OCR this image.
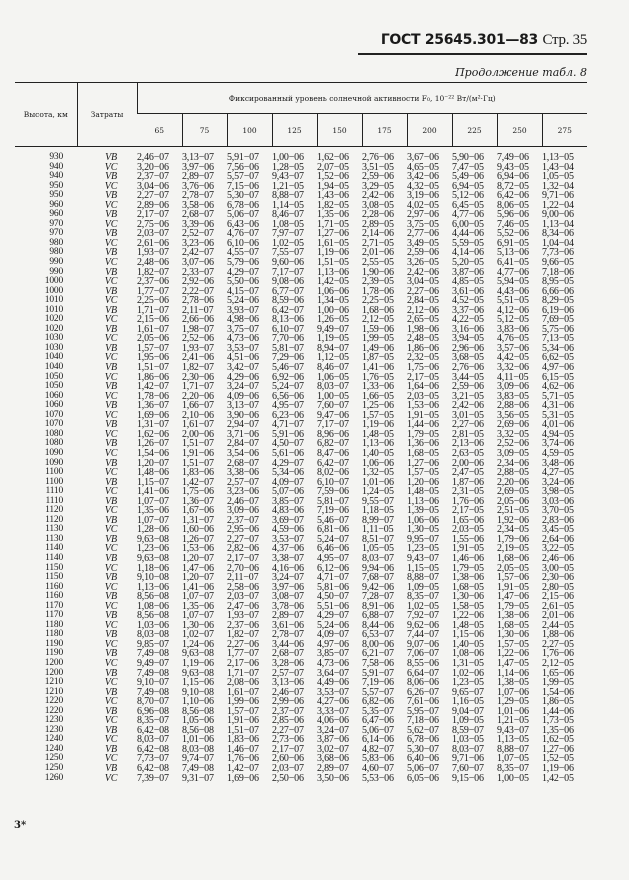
ГОСТ 25645.301—83 Стр. 35
Продолжение табл. 8
Высота, км	Затраты	Фиксированный уровень солнечной активности F₀, 10⁻²² Вт/(м²·Гц)									
		65	75	100	125	150	175	200	225	250	275
930	VB	2,46−07	3,13−07	5,91−07	1,00−06	1,62−06	2,76−06	3,67−06	5,90−06	7,49−06	1,13−05
940	VC	3,20−06	3,97−06	7,56−06	1,28−05	2,07−05	3,51−05	4,65−05	7,47−05	9,43−05	1,43−04
940	VB	2,37−07	2,89−07	5,57−07	9,43−07	1,52−06	2,59−06	3,42−06	5,49−06	6,94−06	1,05−05
950	VC	3,04−06	3,76−06	7,15−06	1,21−05	1,94−05	3,29−05	4,32−05	6,94−05	8,72−05	1,32−04
950	VB	2,27−07	2,78−07	5,30−07	8,88−07	1,43−06	2,42−06	3,19−06	5,12−06	6,42−06	9,71−06
960	VC	2,89−06	3,58−06	6,78−06	1,14−05	1,82−05	3,08−05	4,02−05	6,45−05	8,06−05	1,22−04
960	VB	2,17−07	2,68−07	5,06−07	8,46−07	1,35−06	2,28−06	2,97−06	4,77−06	5,96−06	9,00−06
970	VC	2,75−06	3,39−06	6,43−06	1,08−05	1,71−05	2,89−05	3,75−05	6,00−05	7,46−05	1,13−04
970	VB	2,03−07	2,52−07	4,76−07	7,97−07	1,27−06	2,14−06	2,77−06	4,44−06	5,52−06	8,34−06
980	VC	2,61−06	3,23−06	6,10−06	1,02−05	1,61−05	2,71−05	3,49−05	5,59−05	6,91−05	1,04−04
980	VB	1,93−07	2,42−07	4,55−07	7,55−07	1,19−06	2,01−06	2,59−06	4,14−06	5,13−06	7,73−06
990	VC	2,48−06	3,07−06	5,79−06	9,60−06	1,51−05	2,55−05	3,26−05	5,20−05	6,41−05	9,66−05
990	VB	1,82−07	2,33−07	4,29−07	7,17−07	1,13−06	1,90−06	2,42−06	3,87−06	4,77−06	7,18−06
1000	VC	2,37−06	2,92−06	5,50−06	9,08−06	1,42−05	2,39−05	3,04−05	4,85−05	5,94−05	8,95−05
1000	VB	1,77−07	2,22−07	4,15−07	6,77−07	1,06−06	1,78−06	2,27−06	3,61−06	4,43−06	6,66−06
1010	VC	2,25−06	2,78−06	5,24−06	8,59−06	1,34−05	2,25−05	2,84−05	4,52−05	5,51−05	8,29−05
1010	VB	1,71−07	2,11−07	3,93−07	6,42−07	1,00−06	1,68−06	2,12−06	3,37−06	4,12−06	6,19−06
1020	VC	2,15−06	2,66−06	4,98−06	8,13−06	1,26−05	2,12−05	2,65−05	4,22−05	5,12−05	7,69−05
1020	VB	1,61−07	1,98−07	3,75−07	6,10−07	9,49−07	1,59−06	1,98−06	3,16−06	3,83−06	5,75−06
1030	VC	2,05−06	2,52−06	4,73−06	7,70−06	1,19−05	1,99−05	2,48−05	3,94−05	4,76−05	7,13−05
1030	VB	1,57−07	1,93−07	3,53−07	5,81−07	8,94−07	1,49−06	1,86−06	2,96−06	3,57−06	5,34−06
1040	VC	1,95−06	2,41−06	4,51−06	7,29−06	1,12−05	1,87−05	2,32−05	3,68−05	4,42−05	6,62−05
1040	VB	1,51−07	1,82−07	3,42−07	5,46−07	8,46−07	1,41−06	1,75−06	2,76−06	3,32−06	4,97−06
1050	VC	1,86−06	2,30−06	4,29−06	6,92−06	1,06−05	1,76−05	2,17−05	3,44−05	4,11−05	6,15−05
1050	VB	1,42−07	1,71−07	3,24−07	5,24−07	8,03−07	1,33−06	1,64−06	2,59−06	3,09−06	4,62−06
1060	VC	1,78−06	2,20−06	4,09−06	6,56−06	1,00−05	1,66−05	2,03−05	3,21−05	3,83−05	5,71−05
1060	VB	1,36−07	1,66−07	3,13−07	4,95−07	7,60−07	1,25−06	1,53−06	2,42−06	2,88−06	4,31−06
1070	VC	1,69−06	2,10−06	3,90−06	6,23−06	9,47−06	1,57−05	1,91−05	3,01−05	3,56−05	5,31−05
1070	VB	1,31−07	1,61−07	2,94−07	4,71−07	7,17−07	1,19−06	1,44−06	2,27−06	2,69−06	4,01−06
1080	VC	1,62−06	2,00−06	3,71−06	5,91−06	8,96−06	1,48−05	1,79−05	2,81−05	3,32−05	4,94−05
1080	VB	1,26−07	1,51−07	2,84−07	4,50−07	6,82−07	1,13−06	1,36−06	2,13−06	2,52−06	3,74−06
1090	VC	1,54−06	1,91−06	3,54−06	5,61−06	8,47−06	1,40−05	1,68−05	2,63−05	3,09−05	4,59−05
1090	VB	1,20−07	1,51−07	2,68−07	4,29−07	6,42−07	1,06−06	1,27−06	2,00−06	2,34−06	3,48−06
1100	VC	1,48−06	1,83−06	3,38−06	5,34−06	8,02−06	1,32−05	1,57−05	2,47−05	2,88−05	4,27−05
1100	VB	1,15−07	1,42−07	2,57−07	4,09−07	6,10−07	1,01−06	1,20−06	1,87−06	2,20−06	3,24−06
1110	VC	1,41−06	1,75−06	3,23−06	5,07−06	7,59−06	1,24−05	1,48−05	2,31−05	2,69−05	3,98−05
1110	VB	1,07−07	1,36−07	2,46−07	3,85−07	5,81−07	9,55−07	1,13−06	1,76−06	2,05−06	3,03−06
1120	VC	1,35−06	1,67−06	3,09−06	4,83−06	7,19−06	1,18−05	1,39−05	2,17−05	2,51−05	3,70−05
1120	VB	1,07−07	1,31−07	2,37−07	3,69−07	5,46−07	8,99−07	1,06−06	1,65−06	1,92−06	2,83−06
1130	VC	1,28−06	1,60−06	2,95−06	4,59−06	6,81−06	1,11−05	1,30−05	2,03−05	2,34−05	3,45−05
1130	VB	9,63−08	1,26−07	2,27−07	3,53−07	5,24−07	8,51−07	9,95−07	1,55−06	1,79−06	2,64−06
1140	VC	1,23−06	1,53−06	2,82−06	4,37−06	6,46−06	1,05−05	1,23−05	1,91−05	2,19−05	3,22−05
1140	VB	9,63−08	1,20−07	2,17−07	3,38−07	4,95−07	8,03−07	9,43−07	1,46−06	1,68−06	2,46−06
1150	VC	1,18−06	1,47−06	2,70−06	4,16−06	6,12−06	9,94−06	1,15−05	1,79−05	2,05−05	3,00−05
1150	VB	9,10−08	1,20−07	2,11−07	3,24−07	4,71−07	7,68−07	8,88−07	1,38−06	1,57−06	2,30−06
1160	VC	1,13−06	1,41−06	2,58−06	3,97−06	5,81−06	9,42−06	1,09−05	1,68−05	1,91−05	2,80−05
1160	VB	8,56−08	1,07−07	2,03−07	3,08−07	4,50−07	7,28−07	8,35−07	1,30−06	1,47−06	2,15−06
1170	VC	1,08−06	1,35−06	2,47−06	3,78−06	5,51−06	8,91−06	1,02−05	1,58−05	1,79−05	2,61−05
1170	VB	8,56−08	1,07−07	1,93−07	2,89−07	4,29−07	6,88−07	7,92−07	1,22−06	1,38−06	2,01−06
1180	VC	1,03−06	1,30−06	2,37−06	3,61−06	5,24−06	8,44−06	9,62−06	1,48−05	1,68−05	2,44−05
1180	VB	8,03−08	1,02−07	1,82−07	2,78−07	4,09−07	6,53−07	7,44−07	1,15−06	1,30−06	1,88−06
1190	VC	9,85−07	1,24−06	2,27−06	3,44−06	4,97−06	8,00−06	9,07−06	1,40−05	1,57−05	2,27−05
1190	VB	7,49−08	9,63−08	1,77−07	2,68−07	3,85−07	6,21−07	7,06−07	1,08−06	1,22−06	1,76−06
1200	VC	9,49−07	1,19−06	2,17−06	3,28−06	4,73−06	7,58−06	8,55−06	1,31−05	1,47−05	2,12−05
1200	VB	7,49−08	9,63−08	1,71−07	2,57−07	3,64−07	5,91−07	6,64−07	1,02−06	1,14−06	1,65−06
1210	VC	9,10−07	1,15−06	2,08−06	3,13−06	4,49−06	7,19−06	8,06−06	1,23−05	1,38−05	1,99−05
1210	VB	7,49−08	9,10−08	1,61−07	2,46−07	3,53−07	5,57−07	6,26−07	9,65−07	1,07−06	1,54−06
1220	VC	8,70−07	1,10−06	1,99−06	2,99−06	4,27−06	6,82−06	7,61−06	1,16−05	1,29−05	1,86−05
1220	VB	6,96−08	8,56−08	1,57−07	2,37−07	3,33−07	5,35−07	5,95−07	9,04−07	1,01−06	1,44−06
1230	VC	8,35−07	1,05−06	1,91−06	2,85−06	4,06−06	6,47−06	7,18−06	1,09−05	1,21−05	1,73−05
1230	VB	6,42−08	8,56−08	1,51−07	2,27−07	3,24−07	5,06−07	5,62−07	8,59−07	9,43−07	1,35−06
1240	VC	8,03−07	1,01−06	1,83−06	2,73−06	3,87−06	6,14−06	6,78−06	1,03−05	1,13−05	1,62−05
1240	VB	6,42−08	8,03−08	1,46−07	2,17−07	3,02−07	4,82−07	5,30−07	8,03−07	8,88−07	1,27−06
1250	VC	7,73−07	9,74−07	1,76−06	2,60−06	3,68−06	5,83−06	6,40−06	9,71−06	1,07−05	1,52−05
1250	VB	6,42−08	7,49−08	1,42−07	2,03−07	2,89−07	4,60−07	5,06−07	7,60−07	8,35−07	1,19−06
1260	VC	7,39−07	9,31−07	1,69−06	2,50−06	3,50−06	5,53−06	6,05−06	9,15−06	1,00−05	1,42−05
3*
